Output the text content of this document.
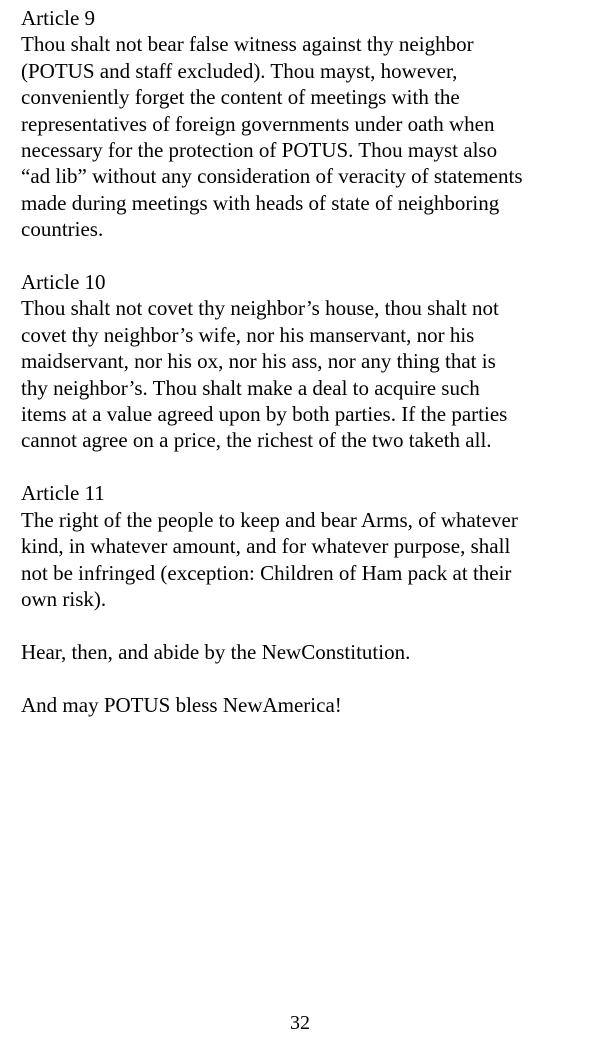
Article 9
Thou shalt not bear false witness against thy neighbor
(POTUS and staff excluded). Thou mayst, however,
conveniently forget the content of meetings with the
representatives of foreign governments under oath when
necessary for the protection of POTUS. Thou mayst also
“ad lib” without any consideration of veracity of statements
made during meetings with heads of state of neighboring
countries.
Article 10
Thou shalt not covet thy neighbor’s house, thou shalt not
covet thy neighbor’s wife, nor his manservant, nor his
maidservant, nor his ox, nor his ass, nor any thing that is
thy neighbor’s. Thou shalt make a deal to acquire such
items at a value agreed upon by both parties. If the parties
cannot agree on a price, the richest of the two taketh all.
Article 11
The right of the people to keep and bear Arms, of whatever
kind, in whatever amount, and for whatever purpose, shall
not be infringed (exception: Children of Ham pack at their
own risk).
Hear, then, and abide by the NewConstitution.
And may POTUS bless NewAmerica!
32
